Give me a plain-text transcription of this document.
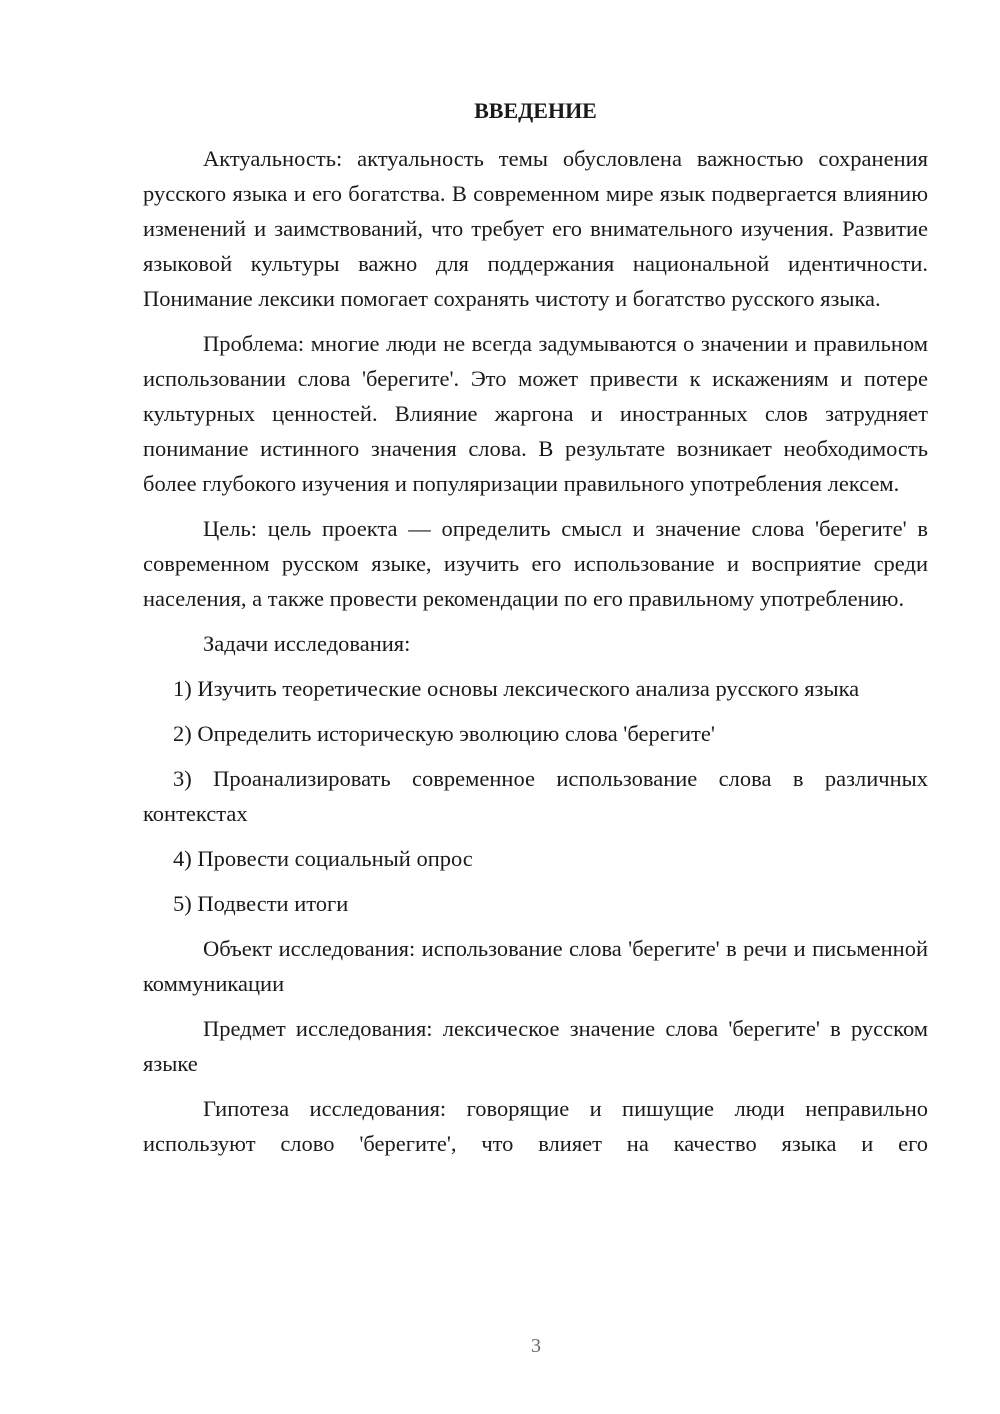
ВВЕДЕНИЕ

Актуальность: актуальность темы обусловлена важностью сохранения русского языка и его богатства. В современном мире язык подвергается влиянию изменений и заимствований, что требует его внимательного изучения. Развитие языковой культуры важно для поддержания национальной идентичности. Понимание лексики помогает сохранять чистоту и богатство русского языка.

Проблема: многие люди не всегда задумываются о значении и правильном использовании слова 'берегите'. Это может привести к искажениям и потере культурных ценностей. Влияние жаргона и иностранных слов затрудняет понимание истинного значения слова. В результате возникает необходимость более глубокого изучения и популяризации правильного употребления лексем.

Цель: цель проекта — определить смысл и значение слова 'берегите' в современном русском языке, изучить его использование и восприятие среди населения, а также провести рекомендации по его правильному употреблению.

Задачи исследования:

1) Изучить теоретические основы лексического анализа русского языка

2) Определить историческую эволюцию слова 'берегите'

3) Проанализировать современное использование слова в различных контекстах

4) Провести социальный опрос

5) Подвести итоги

Объект исследования: использование слова 'берегите' в речи и письменной коммуникации

Предмет исследования: лексическое значение слова 'берегите' в русском языке

Гипотеза исследования: говорящие и пишущие люди неправильно используют слово 'берегите', что влияет на качество языка и его

3
